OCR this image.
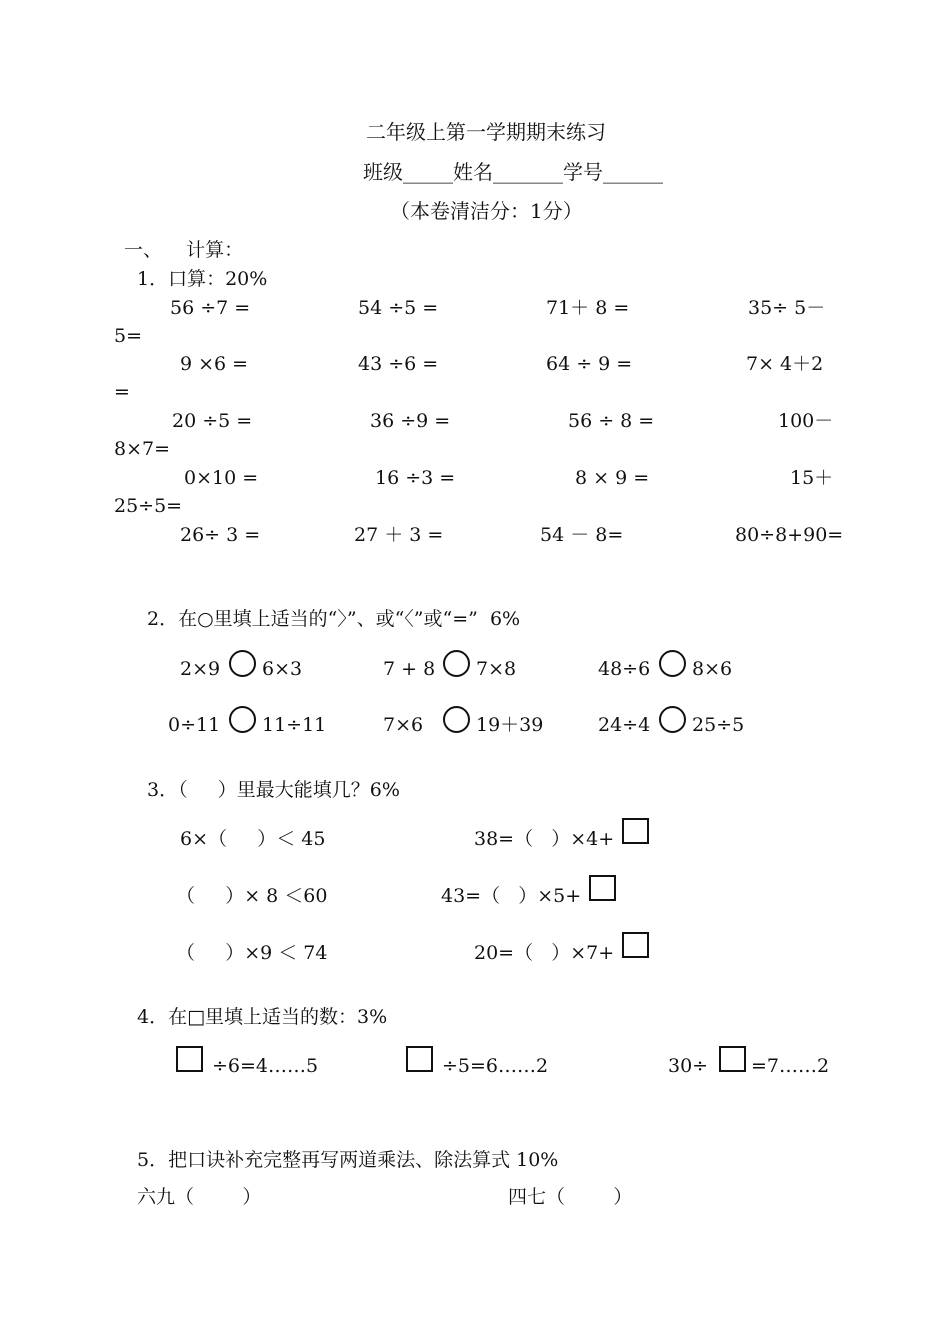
二年级上第一学期期末练习
班级_____姓名_______学号______
（本卷清洁分：1分）
一、    计算：
1．口算：20%
56 ÷7 =	54 ÷5 =	71＋ 8 =	35÷ 5－
5=
9 ×6 =	43 ÷6 =	64 ÷ 9 =	7× 4＋2
=
20 ÷5 =	36 ÷9 =	56 ÷ 8 =	100－
8×7=
0×10 =	16 ÷3 =	8 × 9 =	15＋
25÷5=
26÷ 3 =	27 ＋ 3 =	54 － 8=	80÷8+90=
2．在○里填上适当的“〉”、或“〈”或“=”  6%
2×9 6×3	7 + 8 7×8	48÷6 8×6
0÷11 11÷11	7×6	19＋39	24÷4 25÷5
3．（     ）里最大能填几？6%
6×（     ）＜ 45	38=（   ）×4+
（     ）× 8 ＜60	43=（   ）×5+
（     ）×9 ＜ 74	20=（   ）×7+
4．在□里填上适当的数：3%
÷6=4……5	÷5=6……2	30÷ =7……2
5．把口诀补充完整再写两道乘法、除法算式 10%
六九（        ）	四七（        ）
